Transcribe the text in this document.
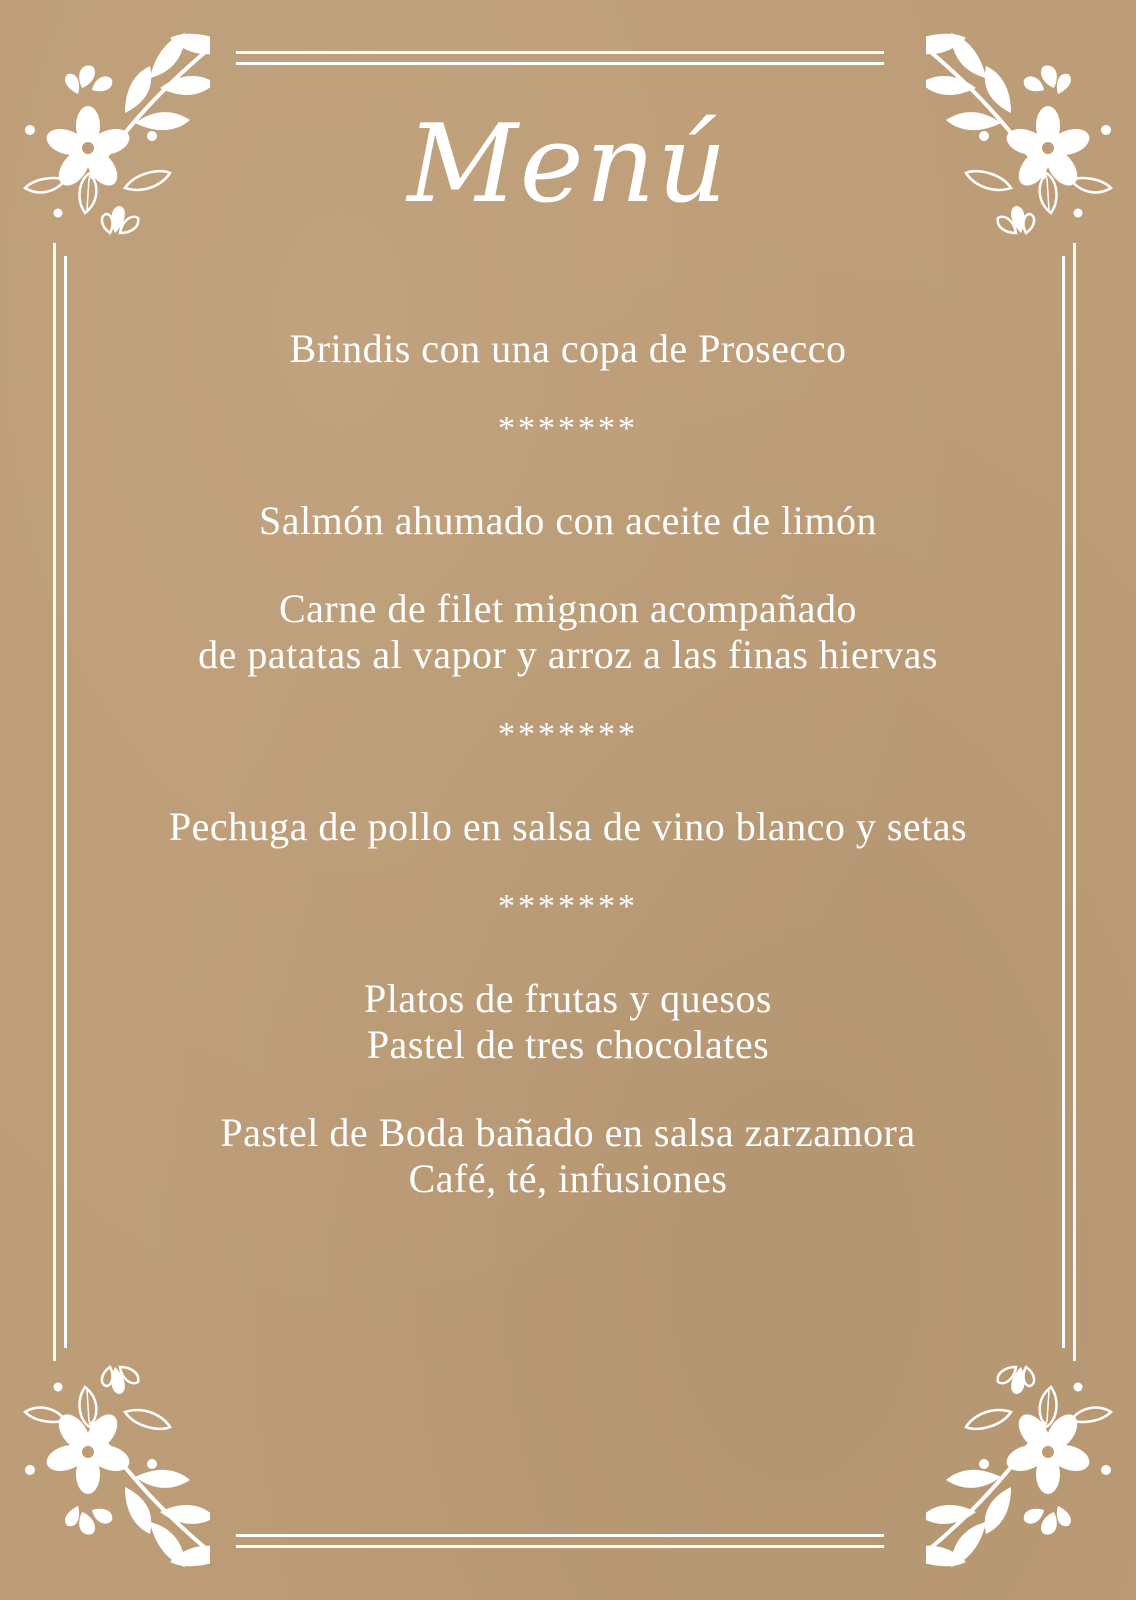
Menú

Brindis con una copa de Prosecco

*******

Salmón ahumado con aceite de limón

Carne de filet mignon acompañado

de patatas al vapor y arroz a las finas hiervas

*******

Pechuga de pollo en salsa de vino blanco y setas

*******

Platos de frutas y quesos

Pastel de tres chocolates

Pastel de Boda bañado en salsa zarzamora

Café, té, infusiones
